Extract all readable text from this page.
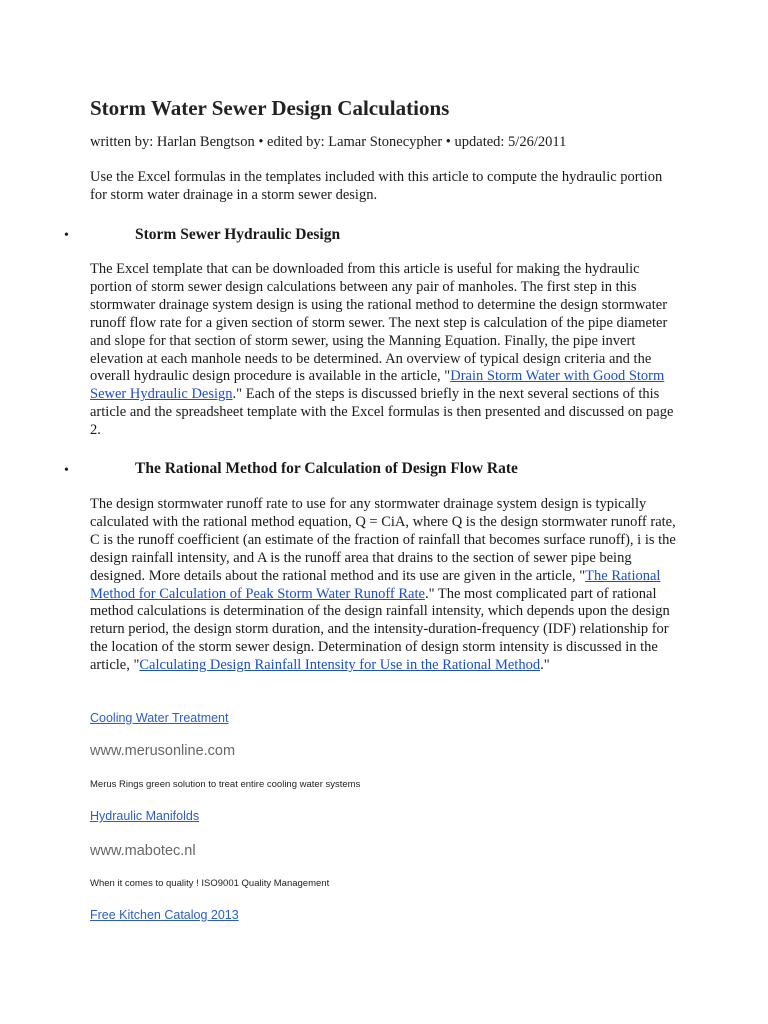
Storm Water Sewer Design Calculations
written by: Harlan Bengtson • edited by: Lamar Stonecypher • updated: 5/26/2011

Use the Excel formulas in the templates included with this article to compute the hydraulic portion for storm water drainage in a storm sewer design.

•	Storm Sewer Hydraulic Design

The Excel template that can be downloaded from this article is useful for making the hydraulic portion of storm sewer design calculations between any pair of manholes. The first step in this stormwater drainage system design is using the rational method to determine the design stormwater runoff flow rate for a given section of storm sewer. The next step is calculation of the pipe diameter and slope for that section of storm sewer, using the Manning Equation. Finally, the pipe invert elevation at each manhole needs to be determined. An overview of typical design criteria and the overall hydraulic design procedure is available in the article, "Drain Storm Water with Good Storm Sewer Hydraulic Design." Each of the steps is discussed briefly in the next several sections of this article and the spreadsheet template with the Excel formulas is then presented and discussed on page 2.

•	The Rational Method for Calculation of Design Flow Rate

The design stormwater runoff rate to use for any stormwater drainage system design is typically calculated with the rational method equation, Q = CiA, where Q is the design stormwater runoff rate, C is the runoff coefficient (an estimate of the fraction of rainfall that becomes surface runoff), i is the design rainfall intensity, and A is the runoff area that drains to the section of sewer pipe being designed. More details about the rational method and its use are given in the article, "The Rational Method for Calculation of Peak Storm Water Runoff Rate." The most complicated part of rational method calculations is determination of the design rainfall intensity, which depends upon the design return period, the design storm duration, and the intensity-duration-frequency (IDF) relationship for the location of the storm sewer design. Determination of design storm intensity is discussed in the article, "Calculating Design Rainfall Intensity for Use in the Rational Method."

Cooling Water Treatment
www.merusonline.com
Merus Rings green solution to treat entire cooling water systems
Hydraulic Manifolds
www.mabotec.nl
When it comes to quality ! ISO9001 Quality Management
Free Kitchen Catalog 2013
